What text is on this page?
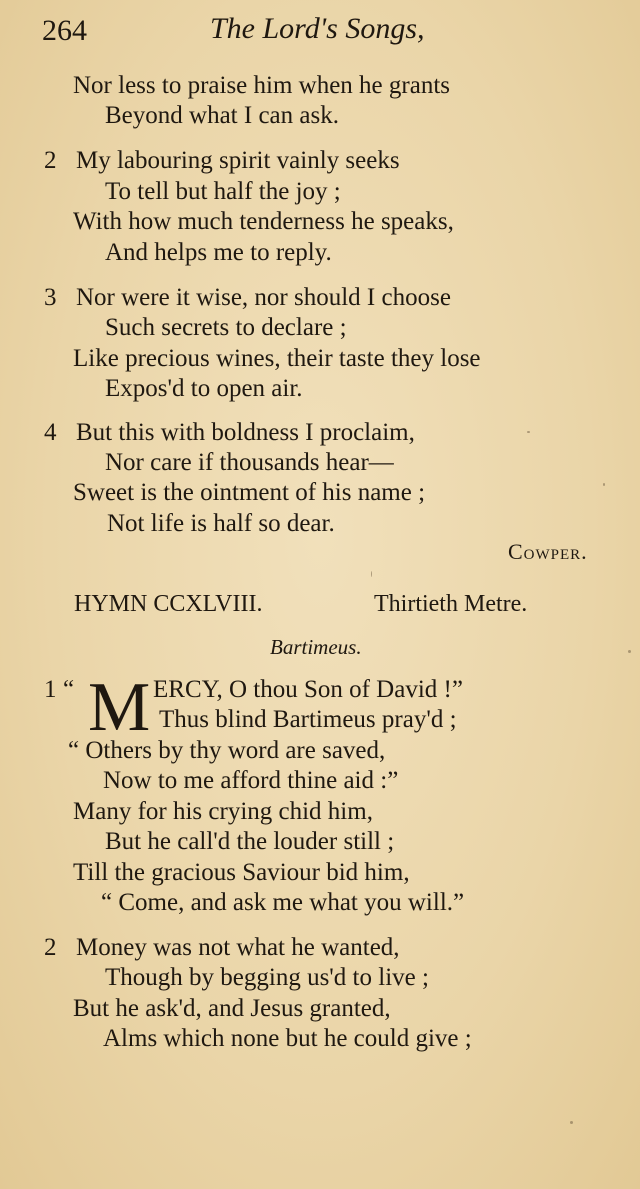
264	The Lord's Songs,
Nor less to praise him when he grants
Beyond what I can ask.
2 My labouring spirit vainly seeks
To tell but half the joy ;
With how much tenderness he speaks,
And helps me to reply.
3 Nor were it wise, nor should I choose
Such secrets to declare ;
Like precious wines, their taste they lose
Expos'd to open air.
4 But this with boldness I proclaim,
Nor care if thousands hear—
Sweet is the ointment of his name ;
Not life is half so dear.
Cowper.
HYMN CCXLVIII.	Thirtieth Metre.
Bartimeus.
1 “ M ERCY, O thou Son of David !”
Thus blind Bartimeus pray'd ;
“ Others by thy word are saved,
Now to me afford thine aid :”
Many for his crying chid him,
But he call'd the louder still ;
Till the gracious Saviour bid him,
“ Come, and ask me what you will.”
2 Money was not what he wanted,
Though by begging us'd to live ;
But he ask'd, and Jesus granted,
Alms which none but he could give ;
